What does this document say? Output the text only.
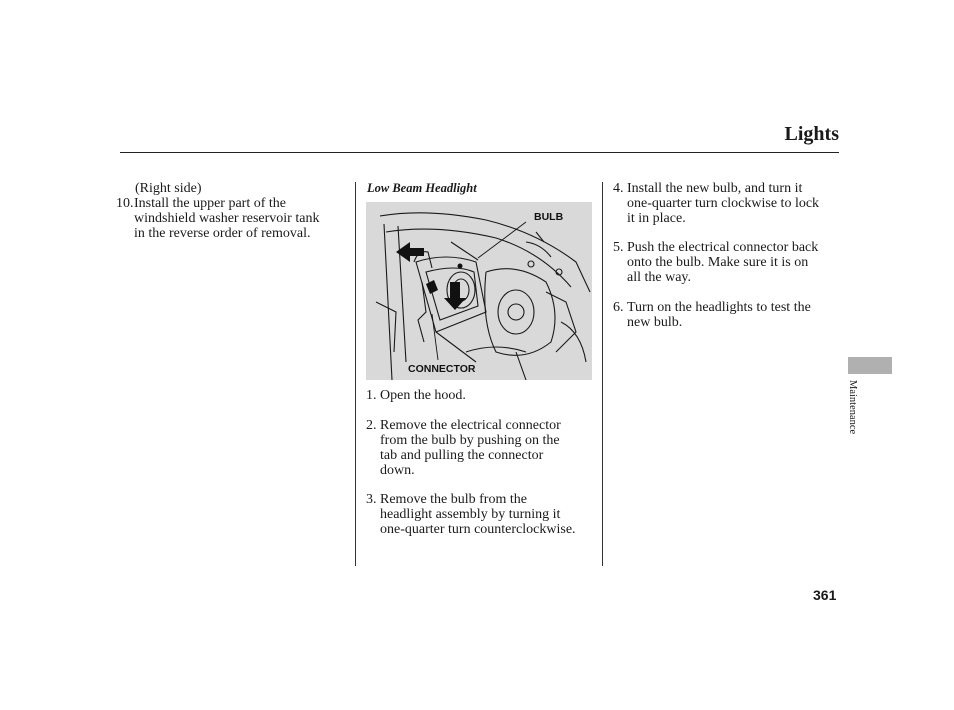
Lights
(Right side)
10. Install the upper part of the
windshield washer reservoir tank
in the reverse order of removal.
Low Beam Headlight
BULB
CONNECTOR
1. Open the hood.
2. Remove the electrical connector
from the bulb by pushing on the
tab and pulling the connector
down.
3. Remove the bulb from the
headlight assembly by turning it
one-quarter turn counterclockwise.
4. Install the new bulb, and turn it
one-quarter turn clockwise to lock
it in place.
5. Push the electrical connector back
onto the bulb. Make sure it is on
all the way.
6. Turn on the headlights to test the
new bulb.
Maintenance
361
